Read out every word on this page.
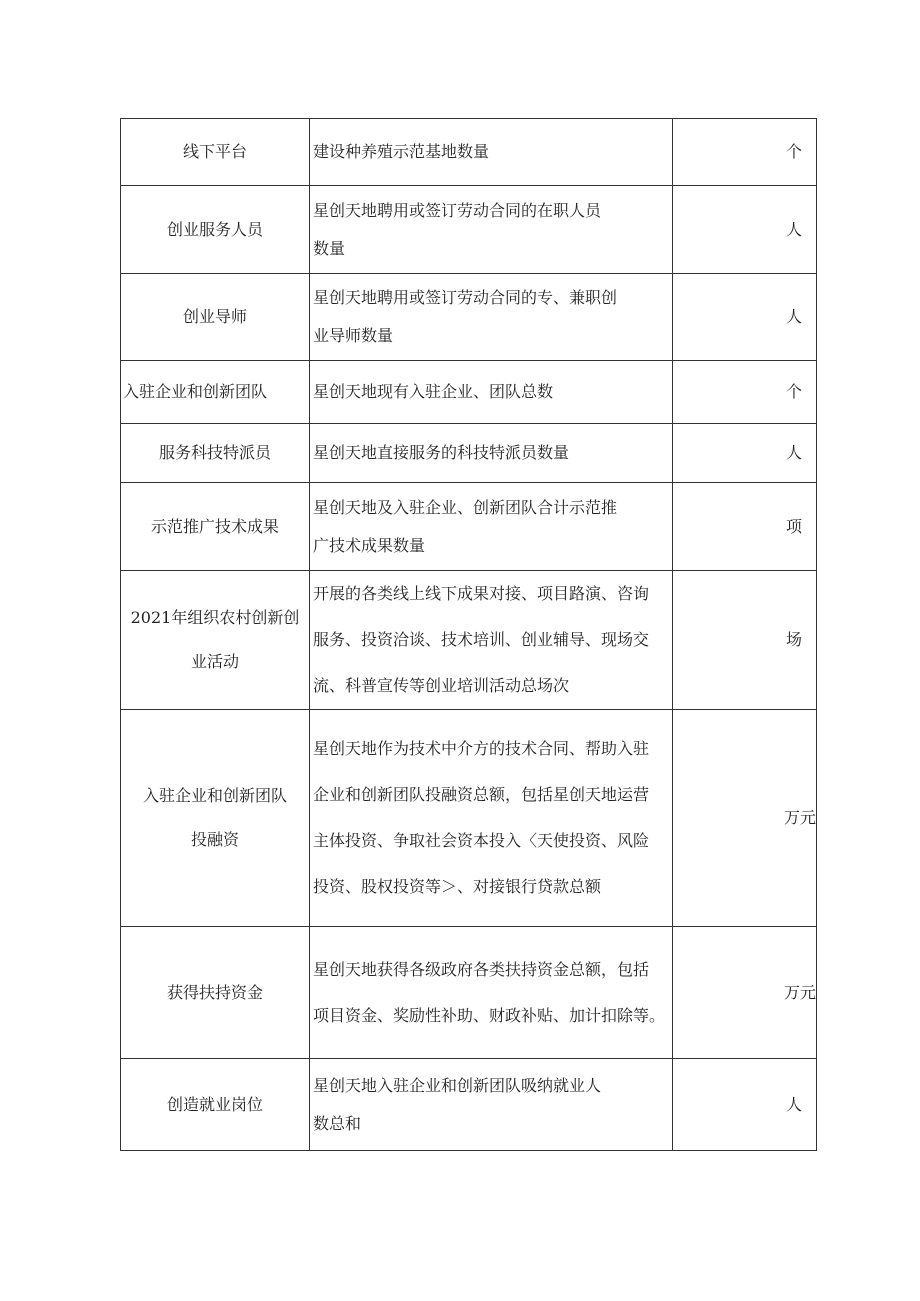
线下平台	建设种养殖示范基地数量	个

创业服务人员	星创天地聘用或签订劳动合同的在职人员
数量	人

创业导师	星创天地聘用或签订劳动合同的专、兼职创
业导师数量	人

入驻企业和创新团队	星创天地现有入驻企业、团队总数	个

服务科技特派员	星创天地直接服务的科技特派员数量	人

示范推广技术成果	星创天地及入驻企业、创新团队合计示范推
广技术成果数量	项

2021年组织农村创新创
业活动	开展的各类线上线下成果对接、项目路演、咨询
服务、投资洽谈、技术培训、创业辅导、现场交
流、科普宣传等创业培训活动总场次	场

入驻企业和创新团队
投融资	星创天地作为技术中介方的技术合同、帮助入驻
企业和创新团队投融资总额，包括星创天地运营
主体投资、争取社会资本投入〈天使投资、风险
投资、股权投资等＞、对接银行贷款总额	万元

获得扶持资金	星创天地获得各级政府各类扶持资金总额，包括
项目资金、奖励性补助、财政补贴、加计扣除等。	万元

创造就业岗位	星创天地入驻企业和创新团队吸纳就业人
数总和	人
